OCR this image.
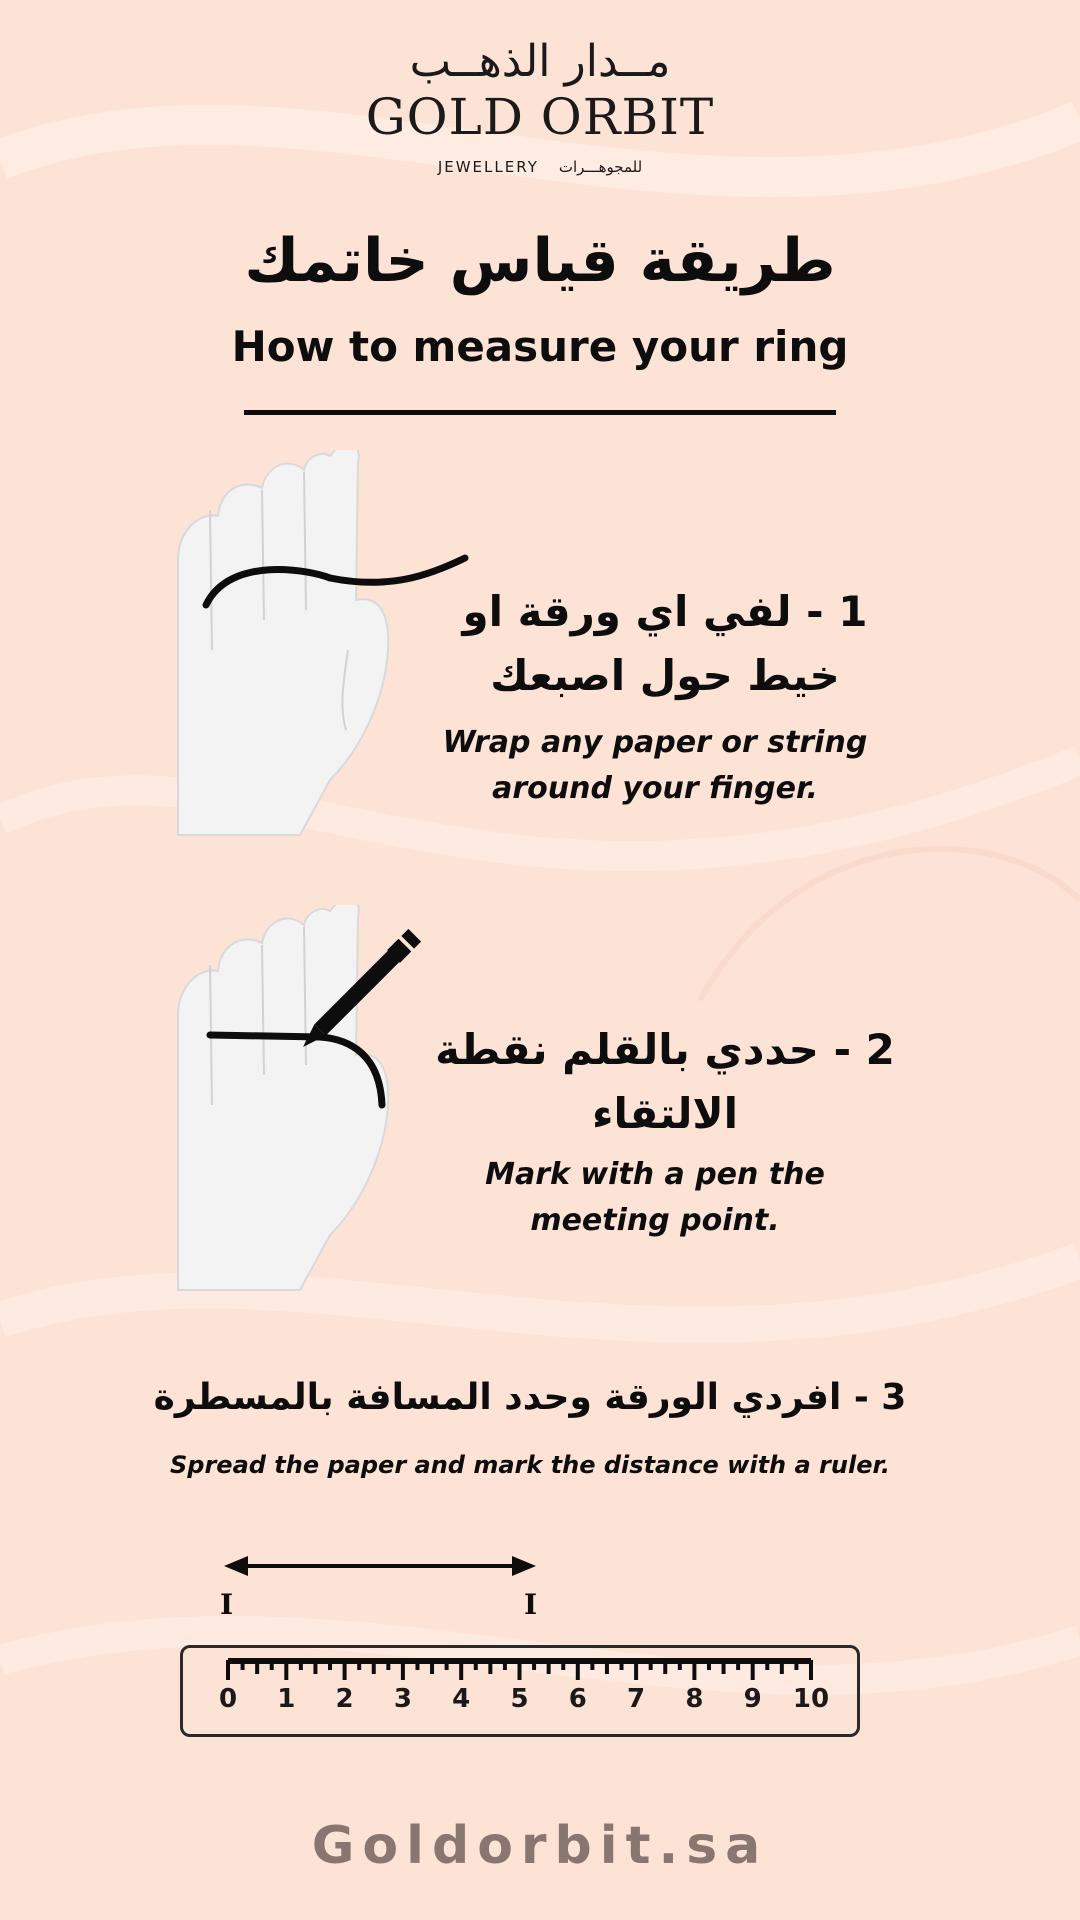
مــدار الذهــب
GOLD ORBIT
JEWELLERY للمجوهـــرات
طريقة قياس خاتمك
How to measure your ring
1 - لفي اي ورقة او خيط حول اصبعك
Wrap any paper or string around your finger.
2 - حددي بالقلم نقطة الالتقاء
Mark with a pen the meeting point.
3 - افردي الورقة وحدد المسافة بالمسطرة
Spread the paper and mark the distance with a ruler.
I	I
0	1	2	3	4	5	6	7	8	9	10
Goldorbit.sa
